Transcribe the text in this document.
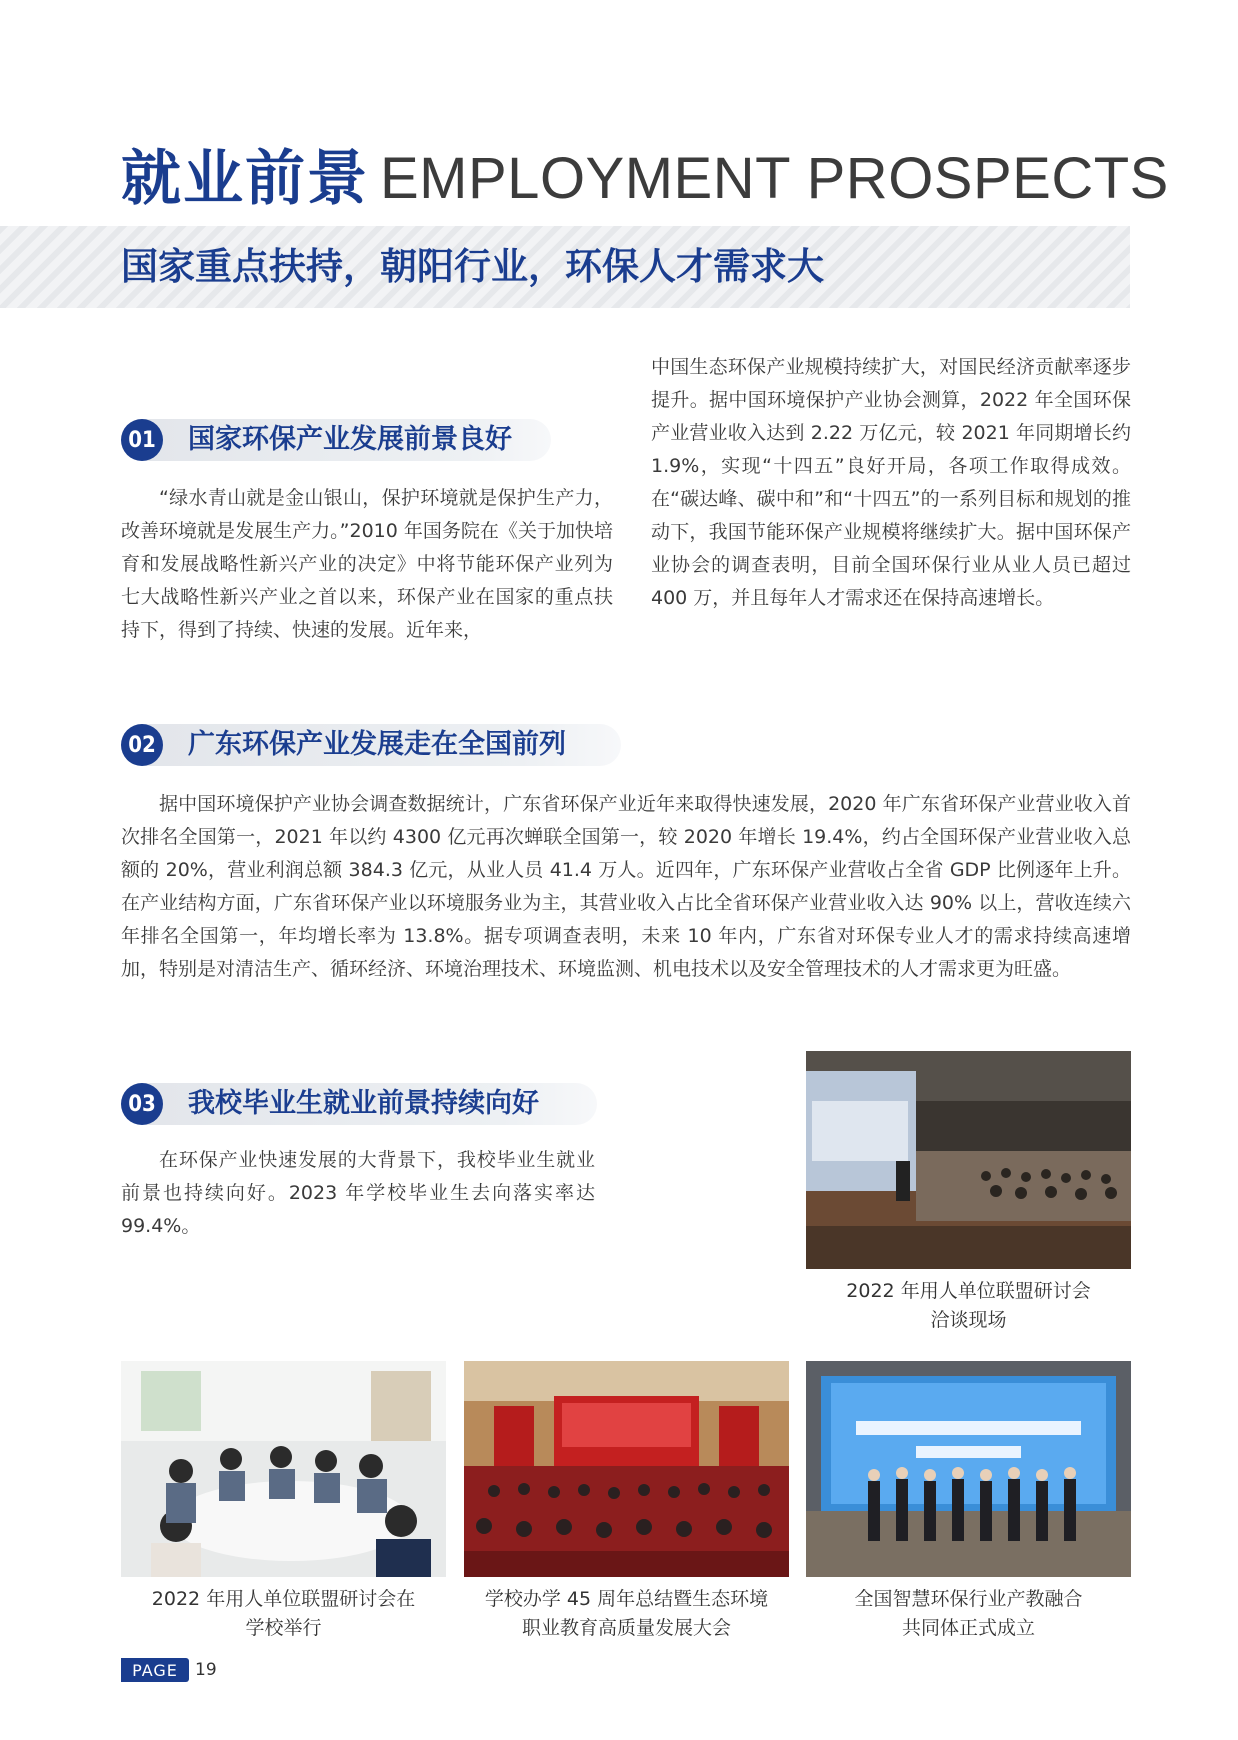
就业前景 EMPLOYMENT PROSPECTS
国家重点扶持，朝阳行业，环保人才需求大
01 国家环保产业发展前景良好
“绿水青山就是金山银山，保护环境就是保护生产力，改善环境就是发展生产力。”2010 年国务院在《关于加快培育和发展战略性新兴产业的决定》中将节能环保产业列为七大战略性新兴产业之首以来，环保产业在国家的重点扶持下，得到了持续、快速的发展。近年来，
中国生态环保产业规模持续扩大，对国民经济贡献率逐步提升。据中国环境保护产业协会测算，2022 年全国环保产业营业收入达到 2.22 万亿元，较 2021 年同期增长约 1.9%，实现“十四五”良好开局，各项工作取得成效。在“碳达峰、碳中和”和“十四五”的一系列目标和规划的推动下，我国节能环保产业规模将继续扩大。据中国环保产业协会的调查表明，目前全国环保行业从业人员已超过 400 万，并且每年人才需求还在保持高速增长。
02 广东环保产业发展走在全国前列
据中国环境保护产业协会调查数据统计，广东省环保产业近年来取得快速发展，2020 年广东省环保产业营业收入首次排名全国第一，2021 年以约 4300 亿元再次蝉联全国第一，较 2020 年增长 19.4%，约占全国环保产业营业收入总额的 20%，营业利润总额 384.3 亿元，从业人员 41.4 万人。近四年，广东环保产业营收占全省 GDP 比例逐年上升。在产业结构方面，广东省环保产业以环境服务业为主，其营业收入占比全省环保产业营业收入达 90% 以上，营收连续六年排名全国第一，年均增长率为 13.8%。据专项调查表明，未来 10 年内，广东省对环保专业人才的需求持续高速增加，特别是对清洁生产、循环经济、环境治理技术、环境监测、机电技术以及安全管理技术的人才需求更为旺盛。
03 我校毕业生就业前景持续向好
在环保产业快速发展的大背景下，我校毕业生就业前景也持续向好。2023 年学校毕业生去向落实率达 99.4%。
2022 年用人单位联盟研讨会
洽谈现场
2022 年用人单位联盟研讨会在
学校举行
学校办学 45 周年总结暨生态环境
职业教育高质量发展大会
全国智慧环保行业产教融合
共同体正式成立
PAGE	19
